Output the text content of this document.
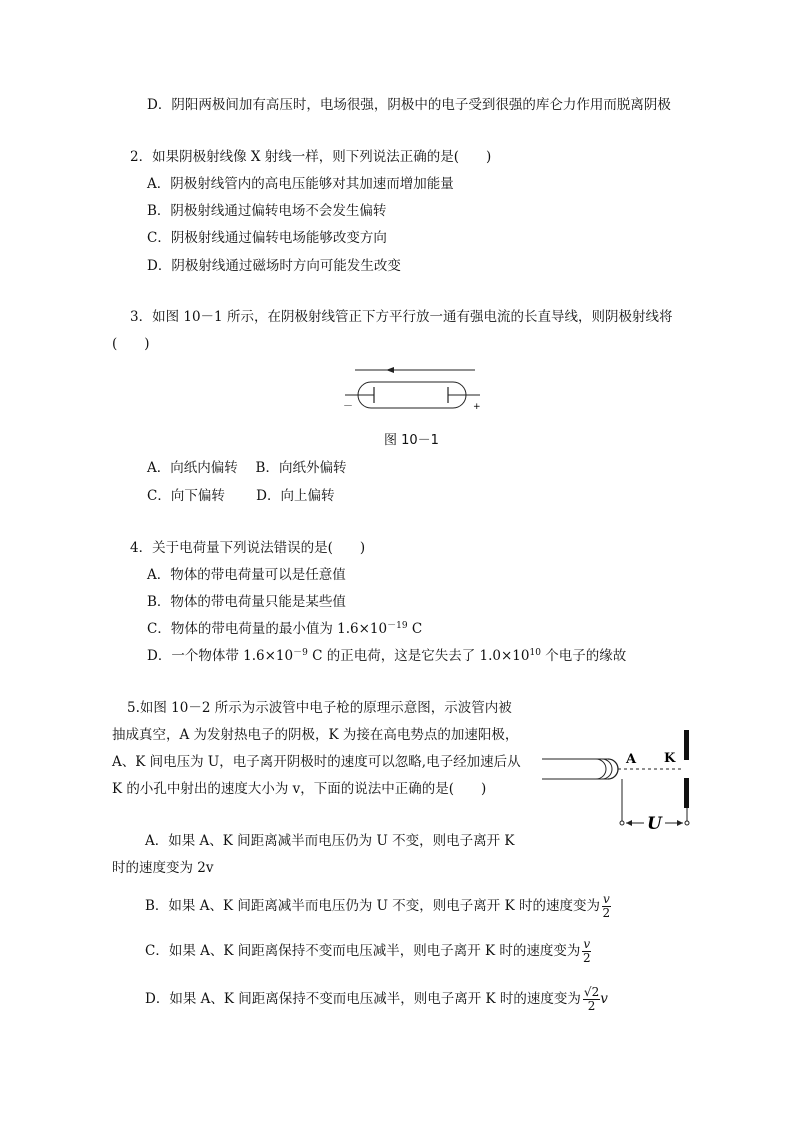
D．阴阳两极间加有高压时，电场很强，阴极中的电子受到很强的库仑力作用而脱离阴极
2．如果阴极射线像 X 射线一样，则下列说法正确的是(　　)
A．阴极射线管内的高电压能够对其加速而增加能量
B．阴极射线通过偏转电场不会发生偏转
C．阴极射线通过偏转电场能够改变方向
D．阴极射线通过磁场时方向可能发生改变
3．如图 10－1 所示，在阴极射线管正下方平行放一通有强电流的长直导线，则阴极射线将
(　　)
－	+
图 10－1
A．向纸内偏转　 B．向纸外偏转
C．向下偏转　　 D．向上偏转
4．关于电荷量下列说法错误的是(　　)
A．物体的带电荷量可以是任意值
B．物体的带电荷量只能是某些值
C．物体的带电荷量的最小值为 $1.6\times 10^{-19}$ C
D．一个物体带 $1.6\times 10^{-9}$ C 的正电荷，这是它失去了 $1.0\times 10^{10}$ 个电子的缘故
5.如图 10－2 所示为示波管中电子枪的原理示意图，示波管内被
抽成真空，A 为发射热电子的阴极，K 为接在高电势点的加速阳极，
A、K 间电压为 U，电子离开阴极时的速度可以忽略,电子经加速后从
K 的小孔中射出的速度大小为 v，下面的说法中正确的是(　　)
A K
U
A．如果 A、K 间距离减半而电压仍为 U 不变，则电子离开 K
时的速度变为 2v
B．如果 A、K 间距离减半而电压仍为 U 不变，则电子离开 K 时的速度变为 $\frac{v}{2}$
C．如果 A、K 间距离保持不变而电压减半，则电子离开 K 时的速度变为 $\frac{v}{2}$
D．如果 A、K 间距离保持不变而电压减半，则电子离开 K 时的速度变为 $\frac{√2}{2}$ v
